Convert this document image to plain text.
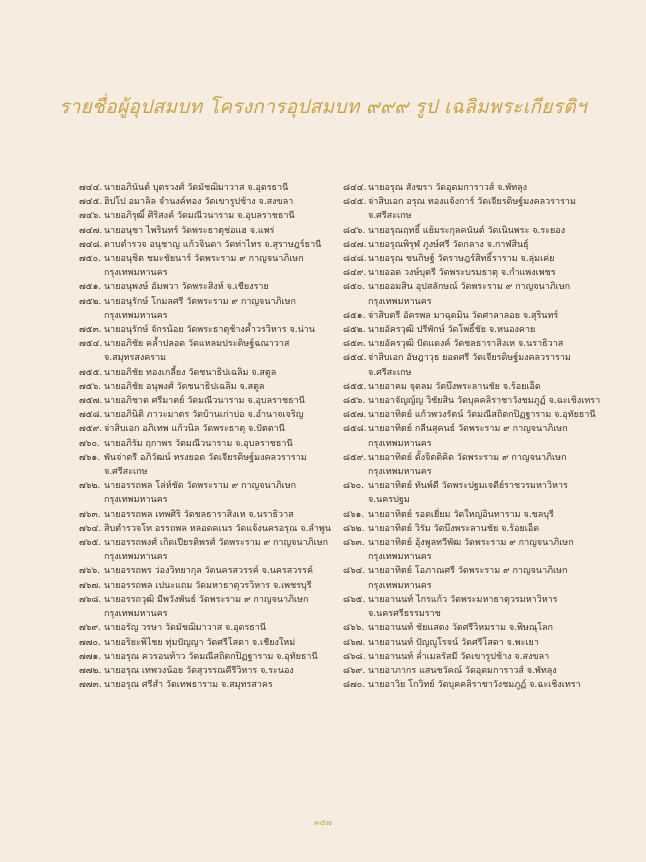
รายชื่อผู้อุปสมบท โครงการอุปสมบท ๙๙๙ รูป เฉลิมพระเกียรติฯ
๗๔๔. นายอภินันต์ บุตรวงศ์ วัดมัชฌิมาวาส จ.อุดรธานี
๗๔๕. ฮิปโป อมาลิล จำนงค์ทอง วัดเขารูปช้าง จ.สงขลา
๗๔๖. นายอภิรุฒิ์ ศิริสงค์ วัดมณีวนาราม จ.อุบลราชธานี
๗๔๗. นายอนุชา ไพรินทร์ วัดพระธาตุช่อแฮ จ.แพร่
๗๔๘. ดาบตำรวจ อนุชาญ แก้วจินดา วัดท่าไทร จ.สุราษฎร์ธานี
๗๕๐. นายอนุชิต ชมะชัยนาร์ วัดพระราม ๙ กาญจนาภิเษก กรุงเทพมหานคร
๗๕๑. นายอนุพงษ์ อัมพวา วัดพระสิงห์ จ.เชียงราย
๗๕๒. นายอนุรักษ์ โกมลศรี วัดพระราม ๙ กาญจนาภิเษก กรุงเทพมหานคร
๗๕๓. นายอนุรักษ์ จักรน้อย วัดพระธาตุช้างค้ำวรวิหาร จ.น่าน
๗๕๔. นายอภิชัย คล้ำปลอด วัดแหลมประดิษฐ์ฉณาวาส จ.สมุทรสงคราม
๗๕๕. นายอภิชัย ทองเกลี้ยง วัดชนาธิปเฉลิม จ.สตูล
๗๕๖. นายอภิชัย อนุพงศ์ วัดชนาธิปเฉลิม จ.สตูล
๗๕๗. นายอภิชาต ศรีมาตย์ วัดมณีวนาราม จ.อุบลราชธานี
๗๕๘. นายอภินิติ ภาวะมาตร วัดบ้านเก่าบ่อ จ.อำนาจเจริญ
๗๕๙. จ่าสิบเอก อภิเทพ แก้วนิล วัดพระธาตุ จ.ปัตตานี
๗๖๐. นายอภิรัม ฤกาพร วัดมณีวนาราม จ.อุบลราชธานี
๗๖๑. พันจ่าตรี อภิวัฒน์ ทรงยอด วัดเจียรดิษฐ์มงคลวราราม จ.ศรีสะเกษ
๗๖๒. นายอรรถพล โล่ห์ชัด วัดพระราม ๙ กาญจนาภิเษก กรุงเทพมหานคร
๗๖๓. นายอรรถพล เทพศิริ วัดชลธาราสิงเห จ.นราธิวาส
๗๖๔. สิบตำรวจโท อรรถพล หลอดคเนร วัดแจ้งนครอรุณ จ.ลำพูน
๗๖๕. นายอรรถพงศ์ เกิดเปียรติพรศ์ วัดพระราม ๙ กาญจนาภิเษก กรุงเทพมหานคร
๗๖๖. นายอรรถพร ว่องวิทยากุล วัดนครสวรรค์ จ.นครสวรรค์
๗๖๗. นายอรรถพล เปนะแถม วัดมหาธาตุวรวิหาร จ.เพชรบุรี
๗๖๘. นายอรรถวุฒิ มีพวังพันธ์ วัดพระราม ๙ กาญจนาภิเษก กรุงเทพมหานคร
๗๖๙. นายอรัญ วรษา วัดมัชฌิมาวาส จ.อุดรธานี
๗๗๐. นายอริยะพิไชย ทุ่มปัญญา วัดศรีโสดา จ.เชียงใหม่
๗๗๑. นายอรุณ ควรอนท้าว วัดมณีสถิตกปิฏฐาราม จ.อุทัยธานี
๗๗๒. นายอรุณ เทพวงน้อย วัดสุวรรณคีรีวิหาร จ.ระนอง
๗๗๓. นายอรุณ ศรีสำ วัดเทพธาราม จ.สมุทรสาคร
๘๔๔. นายอรุณ สังฆรา วัดอุดมการาวส์ จ.พัทลุง
๘๔๕. จ่าสิบเอก อรุณ ทองแจ้งการ์ วัดเจียรดิษฐ์มงคลวราราม จ.ศรีสะเกษ
๘๔๖. นายอรุณฤทธิ์ แย้มระกุลคนันต์ วัดเนินพระ จ.ระยอง
๘๔๗. นายอรุณพิรุฬ ภูงษ์ศรี วัดกลาง จ.กาฬสินธุ์
๘๔๘. นายอรุณ ชนกิษฐ์ วัดราษฎร์สิทธิ์ราราม จ.ลุ่มเค่ย
๘๔๙. นายออด วงษ์บุตรี วัดพระบรมธาตุ จ.กำแพงเพชร
๘๕๐. นายออมสิน อุปสลักษณ์ วัดพระราม ๙ กาญจนาภิเษก กรุงเทพมหานคร
๘๕๑. จ่าสิบตรี อัครพล มาฉุดมิน วัดศาลาลอย จ.สุรินทร์
๘๕๒. นายอัครวุฒิ ปรีพักษ์ วัดโพธิ์ชัย จ.หนองคาย
๘๕๓. นายอัครวุฒิ ปัดแดงค์ วัดชลธาราสิงเห จ.นราธิวาส
๘๕๔. จ่าสิบเอก อัษฎาวุธ ยอดศรี วัดเจียรดิษฐ์มงคลวราราม จ.ศรีสะเกษ
๘๕๕. นายอาคม จุดลม วัดบึงพระลานชัย จ.ร้อยเอ็ด
๘๕๖. นายอาจัญญ์ญ วิชัยสิน วัดบุคคลิราชาวังชมภูฏ์ จ.ฉะเชิงเทรา
๘๕๗. นายอาทิตย์ แก้วพวงรัตน์ วัดมณีสถิตกปิฏฐาราม จ.อุทัยธานี
๘๕๘. นายอาทิตย์ กลีนสุคนธ์ วัดพระราม ๙ กาญจนาภิเษก กรุงเทพมหานคร
๘๕๙. นายอาทิตย์ ดั้งจิตติคิด วัดพระราม ๙ กาญจนาภิเษก กรุงเทพมหานคร
๘๖๐. นายอาทิตย์ ทันพ์ดี วัดพระปฐมเจดีย์ราชวรมหาวิหาร จ.นครปฐม
๘๖๑. นายอาทิตย์ รอดเยี่ยม วัดใหญ่อินทาราม จ.ชลบุรี
๘๖๒. นายอาทิตย์ วิรัม วัดบึงพระลานชัย จ.ร้อยเอ็ด
๘๖๓. นายอาทิตย์ อุ้งพูลทวีพัฒ วัดพระราม ๙ กาญจนาภิเษก กรุงเทพมหานคร
๘๖๔. นายอาทิตย์ โอภาณศรี วัดพระราม ๙ กาญจนาภิเษก กรุงเทพมหานคร
๘๖๕. นายอานนท์ ไกรแก้ว วัดพระมหาธาตุวรมหาวิหาร จ.นครศรีธรรมราช
๘๖๖. นายอานนท์ ชัยแสดง วัดศรีวิหมราม จ.พิษณุโลก
๘๖๗. นายอานนท์ ปัญญูโรจน์ วัดศรีโสดา จ.พะเยา
๘๖๘. นายอานนท์ ล่ำเมลรัสมี วัดเขารูปช้าง จ.สงขลา
๘๖๙. นายอาภากร แสนชวัคณ์ วัดอุดมการาวส์ จ.พัทลุง
๘๗๐. นายอาวิย โกวิทย์ วัดบุคคลิราชาวังชมภูฏ์ จ.ฉะเชิงเทรา
๓๕๗
